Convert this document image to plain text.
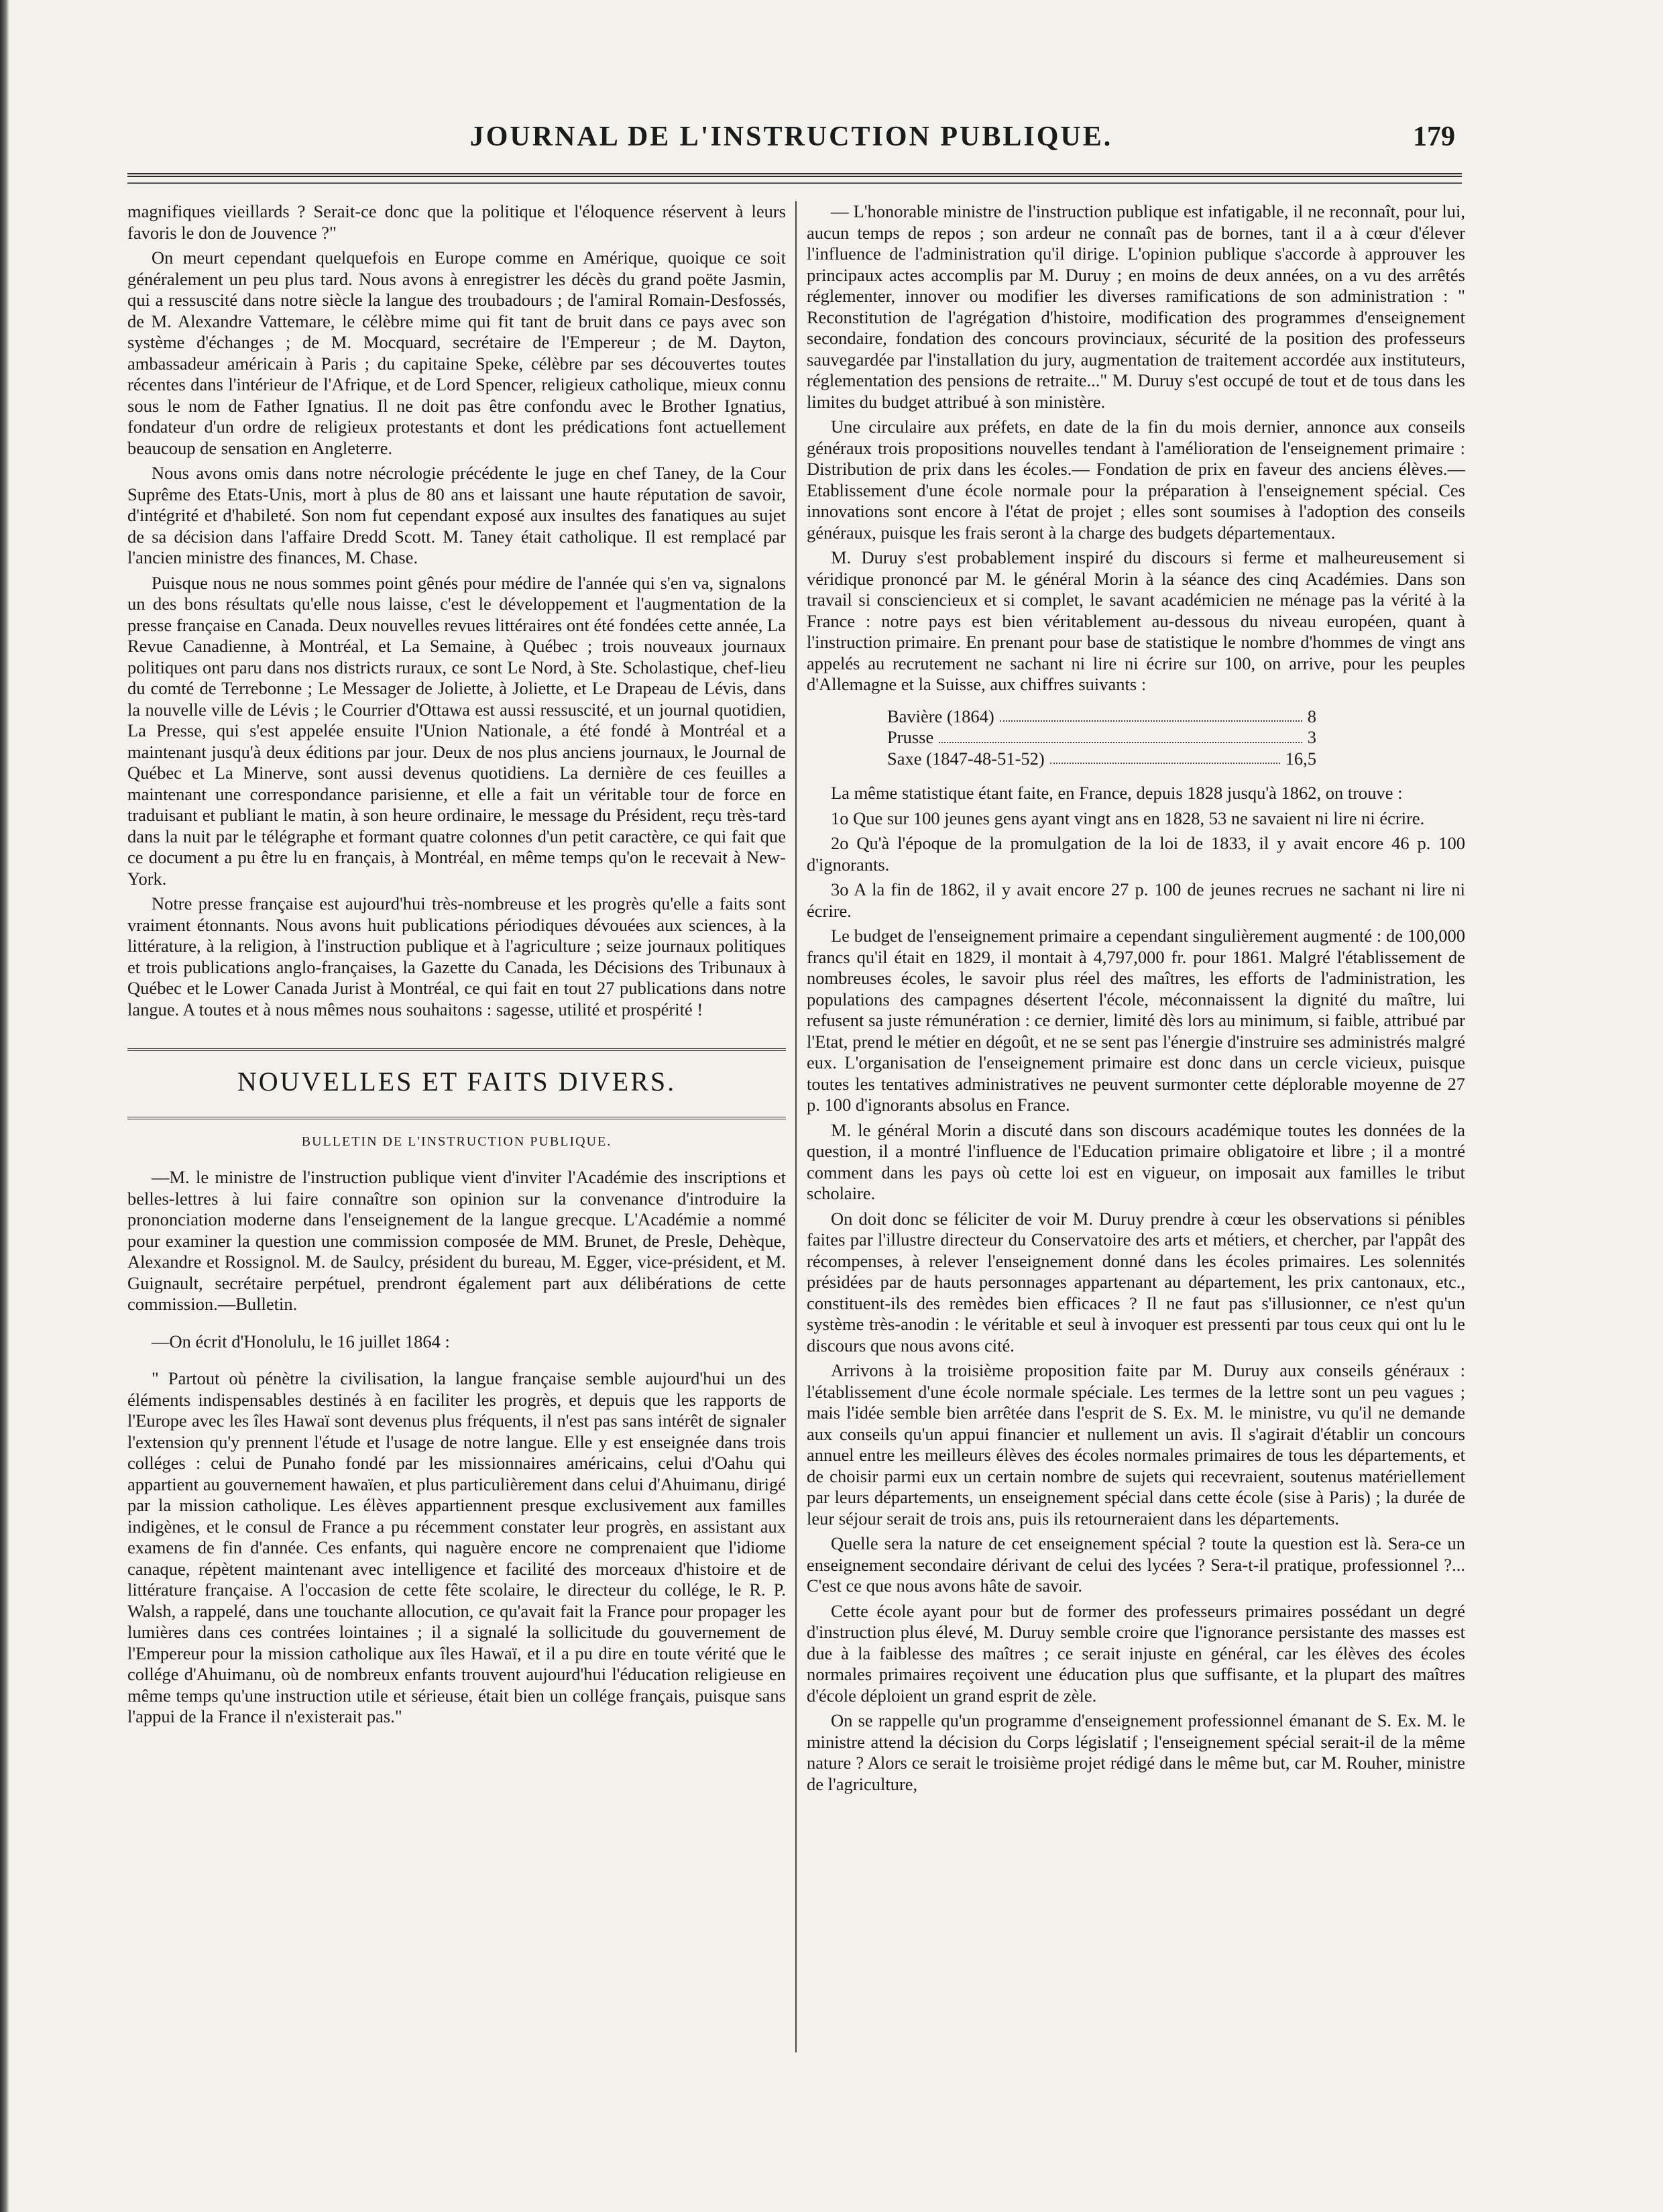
JOURNAL DE L'INSTRUCTION PUBLIQUE.	179

magnifiques vieillards ? Serait-ce donc que la politique et l'éloquence réservent à leurs favoris le don de Jouvence ?"

On meurt cependant quelquefois en Europe comme en Amérique, quoique ce soit généralement un peu plus tard. Nous avons à enregistrer les décès du grand poëte Jasmin, qui a ressuscité dans notre siècle la langue des troubadours ; de l'amiral Romain-Desfossés, de M. Alexandre Vattemare, le célèbre mime qui fit tant de bruit dans ce pays avec son système d'échanges ; de M. Mocquard, secrétaire de l'Empereur ; de M. Dayton, ambassadeur américain à Paris ; du capitaine Speke, célèbre par ses découvertes toutes récentes dans l'intérieur de l'Afrique, et de Lord Spencer, religieux catholique, mieux connu sous le nom de Father Ignatius. Il ne doit pas être confondu avec le Brother Ignatius, fondateur d'un ordre de religieux protestants et dont les prédications font actuellement beaucoup de sensation en Angleterre.

Nous avons omis dans notre nécrologie précédente le juge en chef Taney, de la Cour Suprême des Etats-Unis, mort à plus de 80 ans et laissant une haute réputation de savoir, d'intégrité et d'habileté. Son nom fut cependant exposé aux insultes des fanatiques au sujet de sa décision dans l'affaire Dredd Scott. M. Taney était catholique. Il est remplacé par l'ancien ministre des finances, M. Chase.

Puisque nous ne nous sommes point gênés pour médire de l'année qui s'en va, signalons un des bons résultats qu'elle nous laisse, c'est le développement et l'augmentation de la presse française en Canada. Deux nouvelles revues littéraires ont été fondées cette année, La Revue Canadienne, à Montréal, et La Semaine, à Québec ; trois nouveaux journaux politiques ont paru dans nos districts ruraux, ce sont Le Nord, à Ste. Scholastique, chef-lieu du comté de Terrebonne ; Le Messager de Joliette, à Joliette, et Le Drapeau de Lévis, dans la nouvelle ville de Lévis ; le Courrier d'Ottawa est aussi ressuscité, et un journal quotidien, La Presse, qui s'est appelée ensuite l'Union Nationale, a été fondé à Montréal et a maintenant jusqu'à deux éditions par jour. Deux de nos plus anciens journaux, le Journal de Québec et La Minerve, sont aussi devenus quotidiens. La dernière de ces feuilles a maintenant une correspondance parisienne, et elle a fait un véritable tour de force en traduisant et publiant le matin, à son heure ordinaire, le message du Président, reçu très-tard dans la nuit par le télégraphe et formant quatre colonnes d'un petit caractère, ce qui fait que ce document a pu être lu en français, à Montréal, en même temps qu'on le recevait à New-York.

Notre presse française est aujourd'hui très-nombreuse et les progrès qu'elle a faits sont vraiment étonnants. Nous avons huit publications périodiques dévouées aux sciences, à la littérature, à la religion, à l'instruction publique et à l'agriculture ; seize journaux politiques et trois publications anglo-françaises, la Gazette du Canada, les Décisions des Tribunaux à Québec et le Lower Canada Jurist à Montréal, ce qui fait en tout 27 publications dans notre langue. A toutes et à nous mêmes nous souhaitons : sagesse, utilité et prospérité !

NOUVELLES ET FAITS DIVERS.
BULLETIN DE L'INSTRUCTION PUBLIQUE.

—M. le ministre de l'instruction publique vient d'inviter l'Académie des inscriptions et belles-lettres à lui faire connaître son opinion sur la convenance d'introduire la prononciation moderne dans l'enseignement de la langue grecque. L'Académie a nommé pour examiner la question une commission composée de MM. Brunet, de Presle, Dehèque, Alexandre et Rossignol. M. de Saulcy, président du bureau, M. Egger, vice-président, et M. Guignault, secrétaire perpétuel, prendront également part aux délibérations de cette commission.—Bulletin.

—On écrit d'Honolulu, le 16 juillet 1864 :

" Partout où pénètre la civilisation, la langue française semble aujourd'hui un des éléments indispensables destinés à en faciliter les progrès, et depuis que les rapports de l'Europe avec les îles Hawaï sont devenus plus fréquents, il n'est pas sans intérêt de signaler l'extension qu'y prennent l'étude et l'usage de notre langue. Elle y est enseignée dans trois colléges : celui de Punaho fondé par les missionnaires américains, celui d'Oahu qui appartient au gouvernement hawaïen, et plus particulièrement dans celui d'Ahuimanu, dirigé par la mission catholique. Les élèves appartiennent presque exclusivement aux familles indigènes, et le consul de France a pu récemment constater leur progrès, en assistant aux examens de fin d'année. Ces enfants, qui naguère encore ne comprenaient que l'idiome canaque, répètent maintenant avec intelligence et facilité des morceaux d'histoire et de littérature française. A l'occasion de cette fête scolaire, le directeur du collége, le R. P. Walsh, a rappelé, dans une touchante allocution, ce qu'avait fait la France pour propager les lumières dans ces contrées lointaines ; il a signalé la sollicitude du gouvernement de l'Empereur pour la mission catholique aux îles Hawaï, et il a pu dire en toute vérité que le collége d'Ahuimanu, où de nombreux enfants trouvent aujourd'hui l'éducation religieuse en même temps qu'une instruction utile et sérieuse, était bien un collége français, puisque sans l'appui de la France il n'existerait pas."

— L'honorable ministre de l'instruction publique est infatigable, il ne reconnaît, pour lui, aucun temps de repos ; son ardeur ne connaît pas de bornes, tant il a à cœur d'élever l'influence de l'administration qu'il dirige. L'opinion publique s'accorde à approuver les principaux actes accomplis par M. Duruy ; en moins de deux années, on a vu des arrêtés réglementer, innover ou modifier les diverses ramifications de son administration : " Reconstitution de l'agrégation d'histoire, modification des programmes d'enseignement secondaire, fondation des concours provinciaux, sécurité de la position des professeurs sauvegardée par l'installation du jury, augmentation de traitement accordée aux instituteurs, réglementation des pensions de retraite..." M. Duruy s'est occupé de tout et de tous dans les limites du budget attribué à son ministère.

Une circulaire aux préfets, en date de la fin du mois dernier, annonce aux conseils généraux trois propositions nouvelles tendant à l'amélioration de l'enseignement primaire : Distribution de prix dans les écoles.— Fondation de prix en faveur des anciens élèves.—Etablissement d'une école normale pour la préparation à l'enseignement spécial. Ces innovations sont encore à l'état de projet ; elles sont soumises à l'adoption des conseils généraux, puisque les frais seront à la charge des budgets départementaux.

M. Duruy s'est probablement inspiré du discours si ferme et malheureusement si véridique prononcé par M. le général Morin à la séance des cinq Académies. Dans son travail si consciencieux et si complet, le savant académicien ne ménage pas la vérité à la France : notre pays est bien véritablement au-dessous du niveau européen, quant à l'instruction primaire. En prenant pour base de statistique le nombre d'hommes de vingt ans appelés au recrutement ne sachant ni lire ni écrire sur 100, on arrive, pour les peuples d'Allemagne et la Suisse, aux chiffres suivants :

Bavière (1864)	8
Prusse	3
Saxe (1847-48-51-52)	16,5

La même statistique étant faite, en France, depuis 1828 jusqu'à 1862, on trouve :

1o Que sur 100 jeunes gens ayant vingt ans en 1828, 53 ne savaient ni lire ni écrire.

2o Qu'à l'époque de la promulgation de la loi de 1833, il y avait encore 46 p. 100 d'ignorants.

3o A la fin de 1862, il y avait encore 27 p. 100 de jeunes recrues ne sachant ni lire ni écrire.

Le budget de l'enseignement primaire a cependant singulièrement augmenté : de 100,000 francs qu'il était en 1829, il montait à 4,797,000 fr. pour 1861. Malgré l'établissement de nombreuses écoles, le savoir plus réel des maîtres, les efforts de l'administration, les populations des campagnes désertent l'école, méconnaissent la dignité du maître, lui refusent sa juste rémunération : ce dernier, limité dès lors au minimum, si faible, attribué par l'Etat, prend le métier en dégoût, et ne se sent pas l'énergie d'instruire ses administrés malgré eux. L'organisation de l'enseignement primaire est donc dans un cercle vicieux, puisque toutes les tentatives administratives ne peuvent surmonter cette déplorable moyenne de 27 p. 100 d'ignorants absolus en France.

M. le général Morin a discuté dans son discours académique toutes les données de la question, il a montré l'influence de l'Education primaire obligatoire et libre ; il a montré comment dans les pays où cette loi est en vigueur, on imposait aux familles le tribut scholaire.

On doit donc se féliciter de voir M. Duruy prendre à cœur les observations si pénibles faites par l'illustre directeur du Conservatoire des arts et métiers, et chercher, par l'appât des récompenses, à relever l'enseignement donné dans les écoles primaires. Les solennités présidées par de hauts personnages appartenant au département, les prix cantonaux, etc., constituent-ils des remèdes bien efficaces ? Il ne faut pas s'illusionner, ce n'est qu'un système très-anodin : le véritable et seul à invoquer est pressenti par tous ceux qui ont lu le discours que nous avons cité.

Arrivons à la troisième proposition faite par M. Duruy aux conseils généraux : l'établissement d'une école normale spéciale. Les termes de la lettre sont un peu vagues ; mais l'idée semble bien arrêtée dans l'esprit de S. Ex. M. le ministre, vu qu'il ne demande aux conseils qu'un appui financier et nullement un avis. Il s'agirait d'établir un concours annuel entre les meilleurs élèves des écoles normales primaires de tous les départements, et de choisir parmi eux un certain nombre de sujets qui recevraient, soutenus matériellement par leurs départements, un enseignement spécial dans cette école (sise à Paris) ; la durée de leur séjour serait de trois ans, puis ils retourneraient dans les départements.

Quelle sera la nature de cet enseignement spécial ? toute la question est là. Sera-ce un enseignement secondaire dérivant de celui des lycées ? Sera-t-il pratique, professionnel ?... C'est ce que nous avons hâte de savoir.

Cette école ayant pour but de former des professeurs primaires possédant un degré d'instruction plus élevé, M. Duruy semble croire que l'ignorance persistante des masses est due à la faiblesse des maîtres ; ce serait injuste en général, car les élèves des écoles normales primaires reçoivent une éducation plus que suffisante, et la plupart des maîtres d'école déploient un grand esprit de zèle.

On se rappelle qu'un programme d'enseignement professionnel émanant de S. Ex. M. le ministre attend la décision du Corps législatif ; l'enseignement spécial serait-il de la même nature ? Alors ce serait le troisième projet rédigé dans le même but, car M. Rouher, ministre de l'agriculture,
